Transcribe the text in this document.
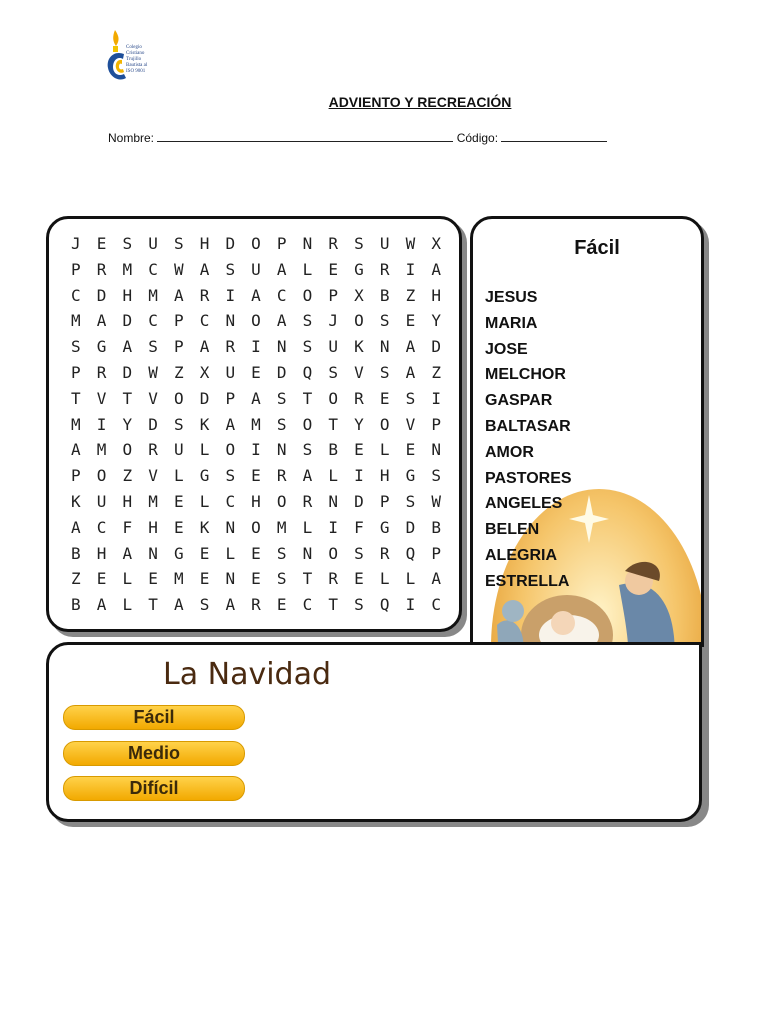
Colegio
Cristiano
Trujillo
Bautista al
ISO 9001
ADVIENTO Y RECREACIÓN
Nombre:	Código:
J	E	S	U	S	H	D	O	P	N	R	S	U	W	X
P	R	M	C	W	A	S	U	A	L	E	G	R	I	A
C	D	H	M	A	R	I	A	C	O	P	X	B	Z	H
M	A	D	C	P	C	N	O	A	S	J	O	S	E	Y
S	G	A	S	P	A	R	I	N	S	U	K	N	A	D
P	R	D	W	Z	X	U	E	D	Q	S	V	S	A	Z
T	V	T	V	O	D	P	A	S	T	O	R	E	S	I
M	I	Y	D	S	K	A	M	S	O	T	Y	O	V	P
A	M	O	R	U	L	O	I	N	S	B	E	L	E	N
P	O	Z	V	L	G	S	E	R	A	L	I	H	G	S
K	U	H	M	E	L	C	H	O	R	N	D	P	S	W
A	C	F	H	E	K	N	O	M	L	I	F	G	D	B
B	H	A	N	G	E	L	E	S	N	O	S	R	Q	P
Z	E	L	E	M	E	N	E	S	T	R	E	L	L	A
B	A	L	T	A	S	A	R	E	C	T	S	Q	I	C
Fácil
JESUS
MARIA
JOSE
MELCHOR
GASPAR
BALTASAR
AMOR
PASTORES
ANGELES
BELEN
ALEGRIA
ESTRELLA
La Navidad
Fácil
Medio
Difícil
